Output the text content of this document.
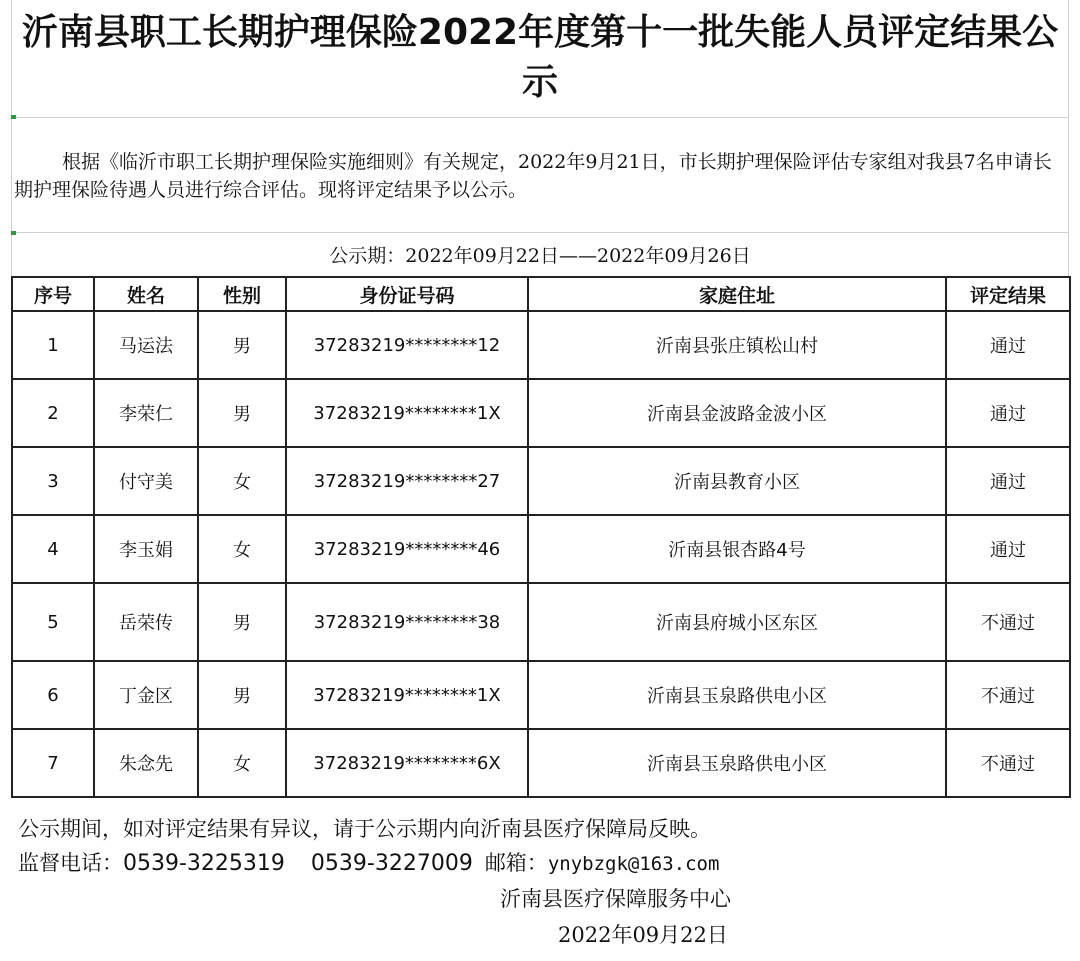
沂南县职工长期护理保险2022年度第十一批失能人员评定结果公示
根据《临沂市职工长期护理保险实施细则》有关规定，2022年9月21日，市长期护理保险评估专家组对我县7名申请长期护理保险待遇人员进行综合评估。现将评定结果予以公示。
公示期：2022年09月22日——2022年09月26日
序号	姓名	性别	身份证号码	家庭住址	评定结果
1	马运法	男	37283219********12	沂南县张庄镇松山村	通过
2	李荣仁	男	37283219********1X	沂南县金波路金波小区	通过
3	付守美	女	37283219********27	沂南县教育小区	通过
4	李玉娟	女	37283219********46	沂南县银杏路4号	通过
5	岳荣传	男	37283219********38	沂南县府城小区东区	不通过
6	丁金区	男	37283219********1X	沂南县玉泉路供电小区	不通过
7	朱念先	女	37283219********6X	沂南县玉泉路供电小区	不通过
公示期间，如对评定结果有异议，请于公示期内向沂南县医疗保障局反映。
监督电话：0539-3225319 0539-3227009 邮箱：ynybzgk@163.com
沂南县医疗保障服务中心
2022年09月22日
